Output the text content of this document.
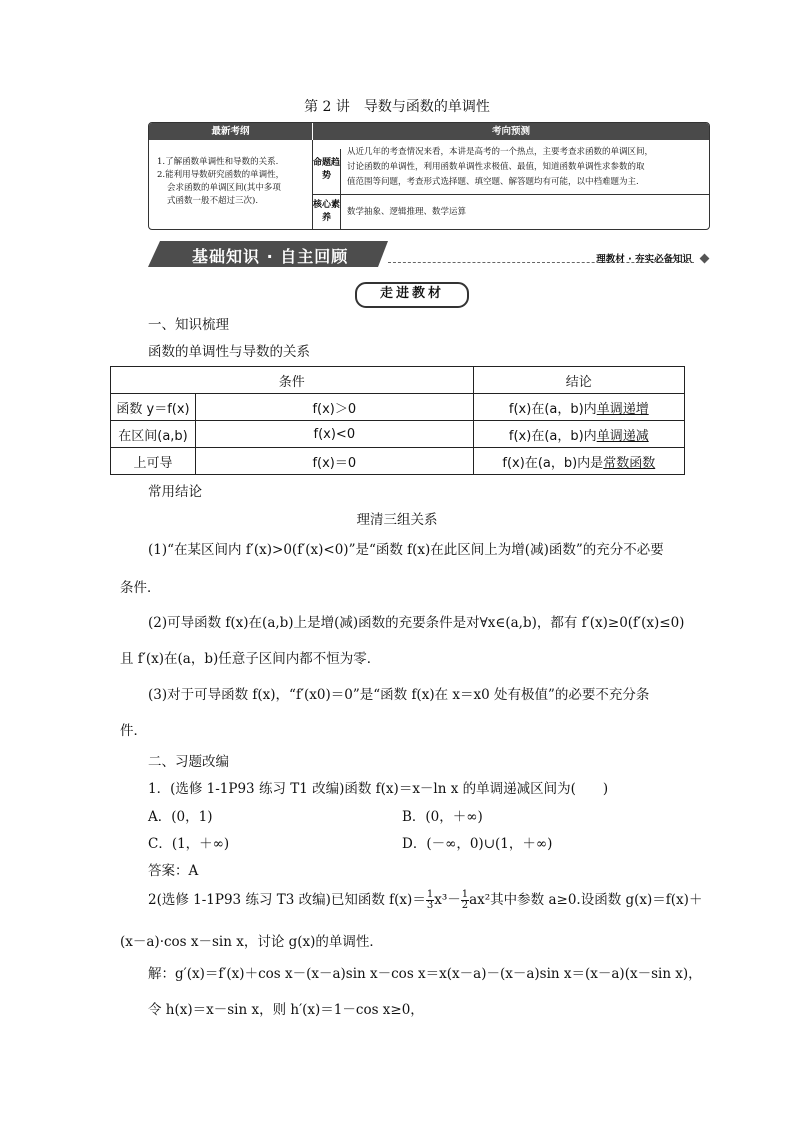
第 2 讲　导数与函数的单调性
最新考纲	考向预测
1.了解函数单调性和导数的关系.
2.能利用导数研究函数的单调性，
会求函数的单调区间(其中多项
式函数一般不超过三次).
命题趋势
从近几年的考查情况来看，本讲是高考的一个热点，主要考查求函数的单调区间，
讨论函数的单调性，利用函数单调性求极值、最值，知道函数单调性求参数的取
值范围等问题，考查形式选择题、填空题、解答题均有可能，以中档难题为主.
核心素养
数学抽象、逻辑推理、数学运算
基础知识 · 自主回顾	理教材 · 夯实必备知识
走进教材

一、知识梳理

函数的单调性与导数的关系

条件		结论
函数 y＝f(x)	f(x)＞0	f(x)在(a，b)内单调递增
在区间(a,b)	f(x)<0	f(x)在(a，b)内单调递减
上可导	f(x)＝0	f(x)在(a，b)内是常数函数

常用结论

理清三组关系

(1)“在某区间内 f′(x)>0(f′(x)<0)”是“函数 f(x)在此区间上为增(减)函数”的充分不必要

条件．

(2)可导函数 f(x)在(a,b)上是增(减)函数的充要条件是对∀x∈(a,b)，都有 f′(x)≥0(f′(x)≤0)

且 f′(x)在(a，b)任意子区间内都不恒为零．

(3)对于可导函数 f(x)，“f′(x0)＝0”是“函数 f(x)在 x＝x0 处有极值”的必要不充分条

件．

二、习题改编

1．(选修 1-1P93 练习 T1 改编)函数 f(x)＝x－ln x 的单调递减区间为(　　)

A．(0，1)	B．(0，＋∞)

C．(1，＋∞)	D．(－∞，0)∪(1，＋∞)

答案：A

2(选修 1-1P93 练习 T3 改编)已知函数 $f(x)= \frac{1}{3} x^3- \frac{1}{2} ax^2$其中参数 a≥0.设函数 g(x)＝f(x)＋

(x－a)·cos x－sin x，讨论 g(x)的单调性．

解：g′(x)＝f′(x)＋cos x－(x－a)sin x－cos x＝x(x－a)－(x－a)sin x＝(x－a)(x－sin x)，

令 h(x)＝x－sin x，则 h′(x)＝1－cos x≥0，
